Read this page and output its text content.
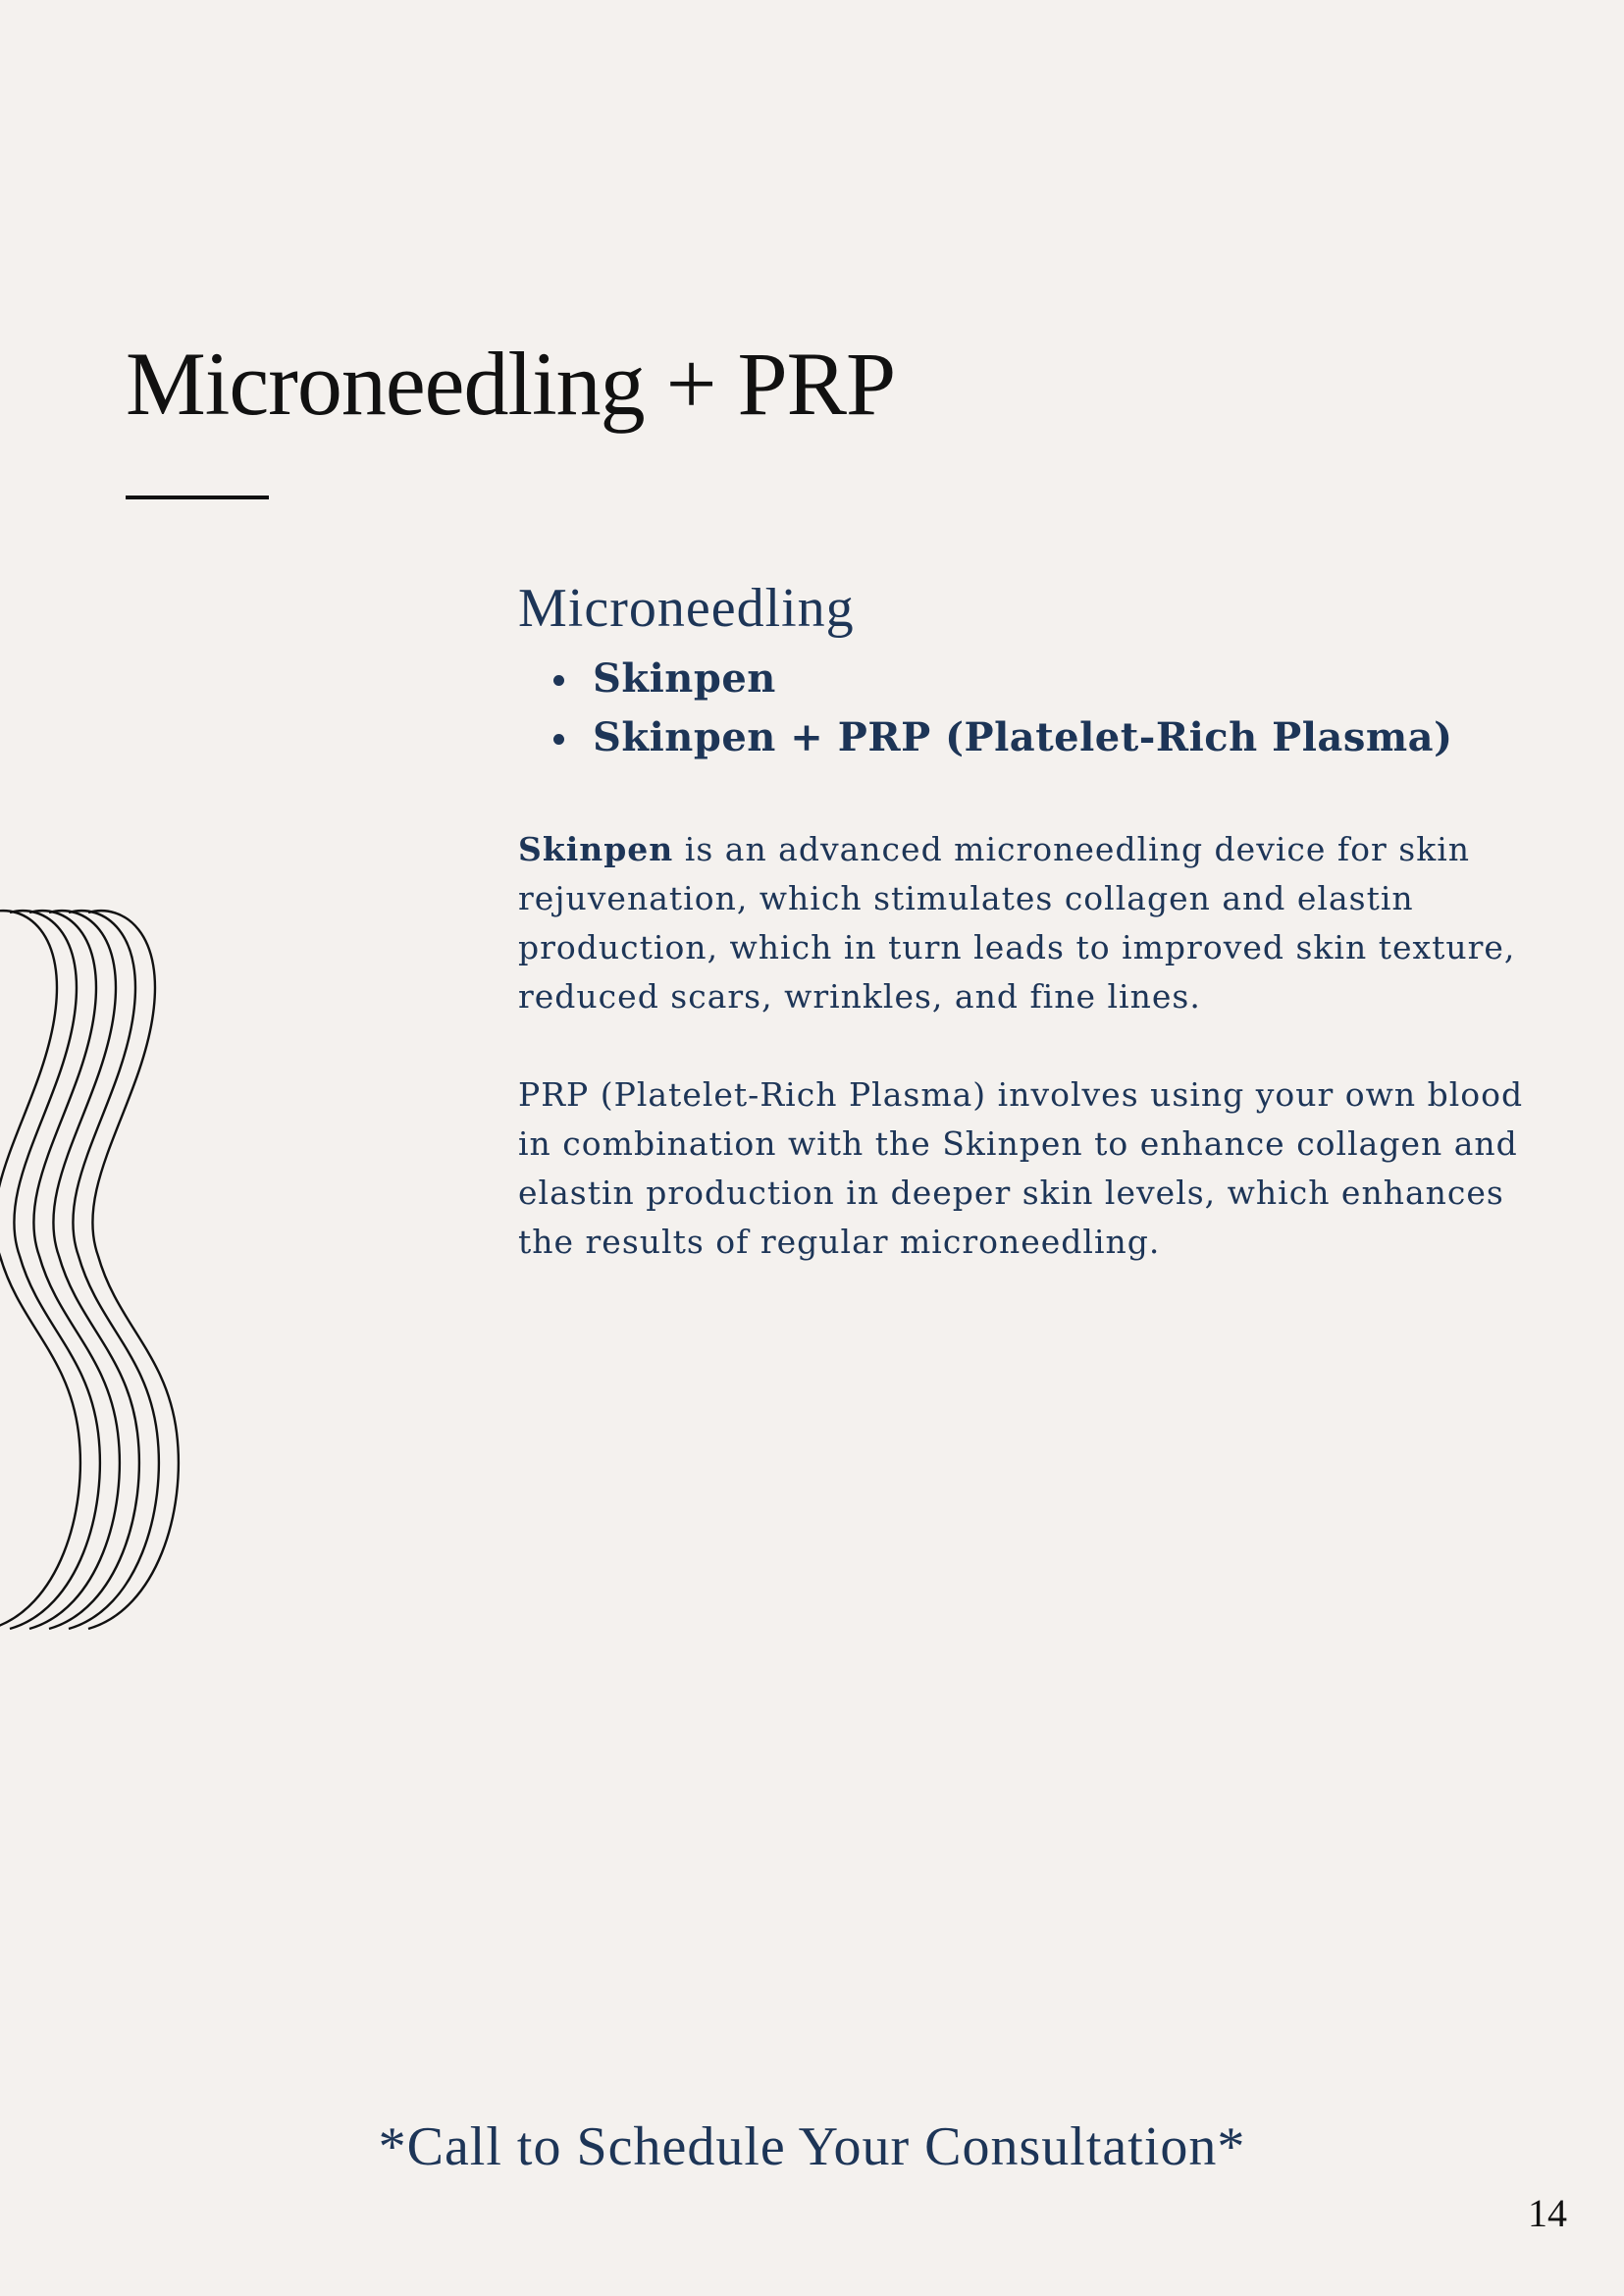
Microneedling + PRP
Microneedling
Skinpen
Skinpen + PRP (Platelet-Rich Plasma)

Skinpen is an advanced microneedling device for skin rejuvenation, which stimulates collagen and elastin production, which in turn leads to improved skin texture, reduced scars, wrinkles, and fine lines.

PRP (Platelet-Rich Plasma) involves using your own blood in combination with the Skinpen to enhance collagen and elastin production in deeper skin levels, which enhances the results of regular microneedling.

*Call to Schedule Your Consultation*

14
